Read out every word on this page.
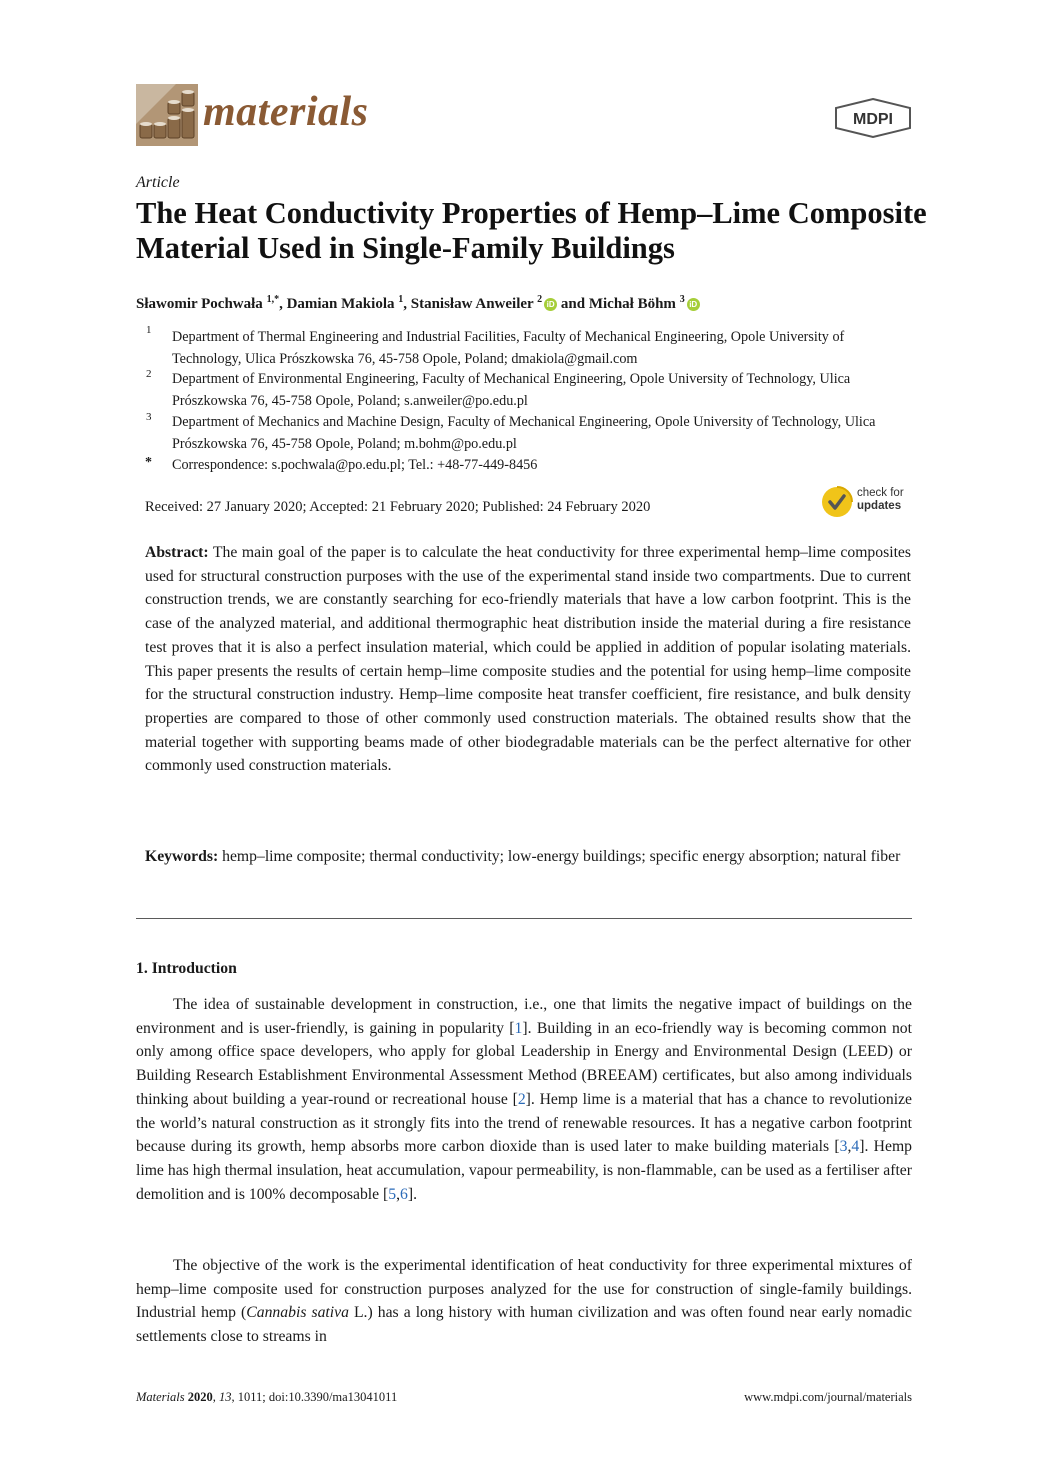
materials	MDPI
Article
The Heat Conductivity Properties of Hemp–Lime Composite Material Used in Single-Family Buildings
Sławomir Pochwała $^{1,*}$, Damian Makiola $^1$, Stanisław Anweiler $^2$ iD and Michał Böhm $^3$ iD
1	Department of Thermal Engineering and Industrial Facilities, Faculty of Mechanical Engineering, Opole University of Technology, Ulica Prószkowska 76, 45-758 Opole, Poland; dmakiola@gmail.com
2	Department of Environmental Engineering, Faculty of Mechanical Engineering, Opole University of Technology, Ulica Prószkowska 76, 45-758 Opole, Poland; s.anweiler@po.edu.pl
3	Department of Mechanics and Machine Design, Faculty of Mechanical Engineering, Opole University of Technology, Ulica Prószkowska 76, 45-758 Opole, Poland; m.bohm@po.edu.pl
*	Correspondence: s.pochwala@po.edu.pl; Tel.: +48-77-449-8456
Received: 27 January 2020; Accepted: 21 February 2020; Published: 24 February 2020
check for
updates
Abstract: The main goal of the paper is to calculate the heat conductivity for three experimental hemp–lime composites used for structural construction purposes with the use of the experimental stand inside two compartments. Due to current construction trends, we are constantly searching for eco-friendly materials that have a low carbon footprint. This is the case of the analyzed material, and additional thermographic heat distribution inside the material during a fire resistance test proves that it is also a perfect insulation material, which could be applied in addition of popular isolating materials. This paper presents the results of certain hemp–lime composite studies and the potential for using hemp–lime composite for the structural construction industry. Hemp–lime composite heat transfer coefficient, fire resistance, and bulk density properties are compared to those of other commonly used construction materials. The obtained results show that the material together with supporting beams made of other biodegradable materials can be the perfect alternative for other commonly used construction materials.
Keywords: hemp–lime composite; thermal conductivity; low-energy buildings; specific energy absorption; natural fiber
1. Introduction
The idea of sustainable development in construction, i.e., one that limits the negative impact of buildings on the environment and is user-friendly, is gaining in popularity [1]. Building in an eco-friendly way is becoming common not only among office space developers, who apply for global Leadership in Energy and Environmental Design (LEED) or Building Research Establishment Environmental Assessment Method (BREEAM) certificates, but also among individuals thinking about building a year-round or recreational house [2]. Hemp lime is a material that has a chance to revolutionize the world’s natural construction as it strongly fits into the trend of renewable resources. It has a negative carbon footprint because during its growth, hemp absorbs more carbon dioxide than is used later to make building materials [3,4]. Hemp lime has high thermal insulation, heat accumulation, vapour permeability, is non-flammable, can be used as a fertiliser after demolition and is 100% decomposable [5,6].
The objective of the work is the experimental identification of heat conductivity for three experimental mixtures of hemp–lime composite used for construction purposes analyzed for the use for construction of single-family buildings. Industrial hemp (Cannabis sativa L.) has a long history with human civilization and was often found near early nomadic settlements close to streams in
Materials 2020, 13, 1011; doi:10.3390/ma13041011	www.mdpi.com/journal/materials
